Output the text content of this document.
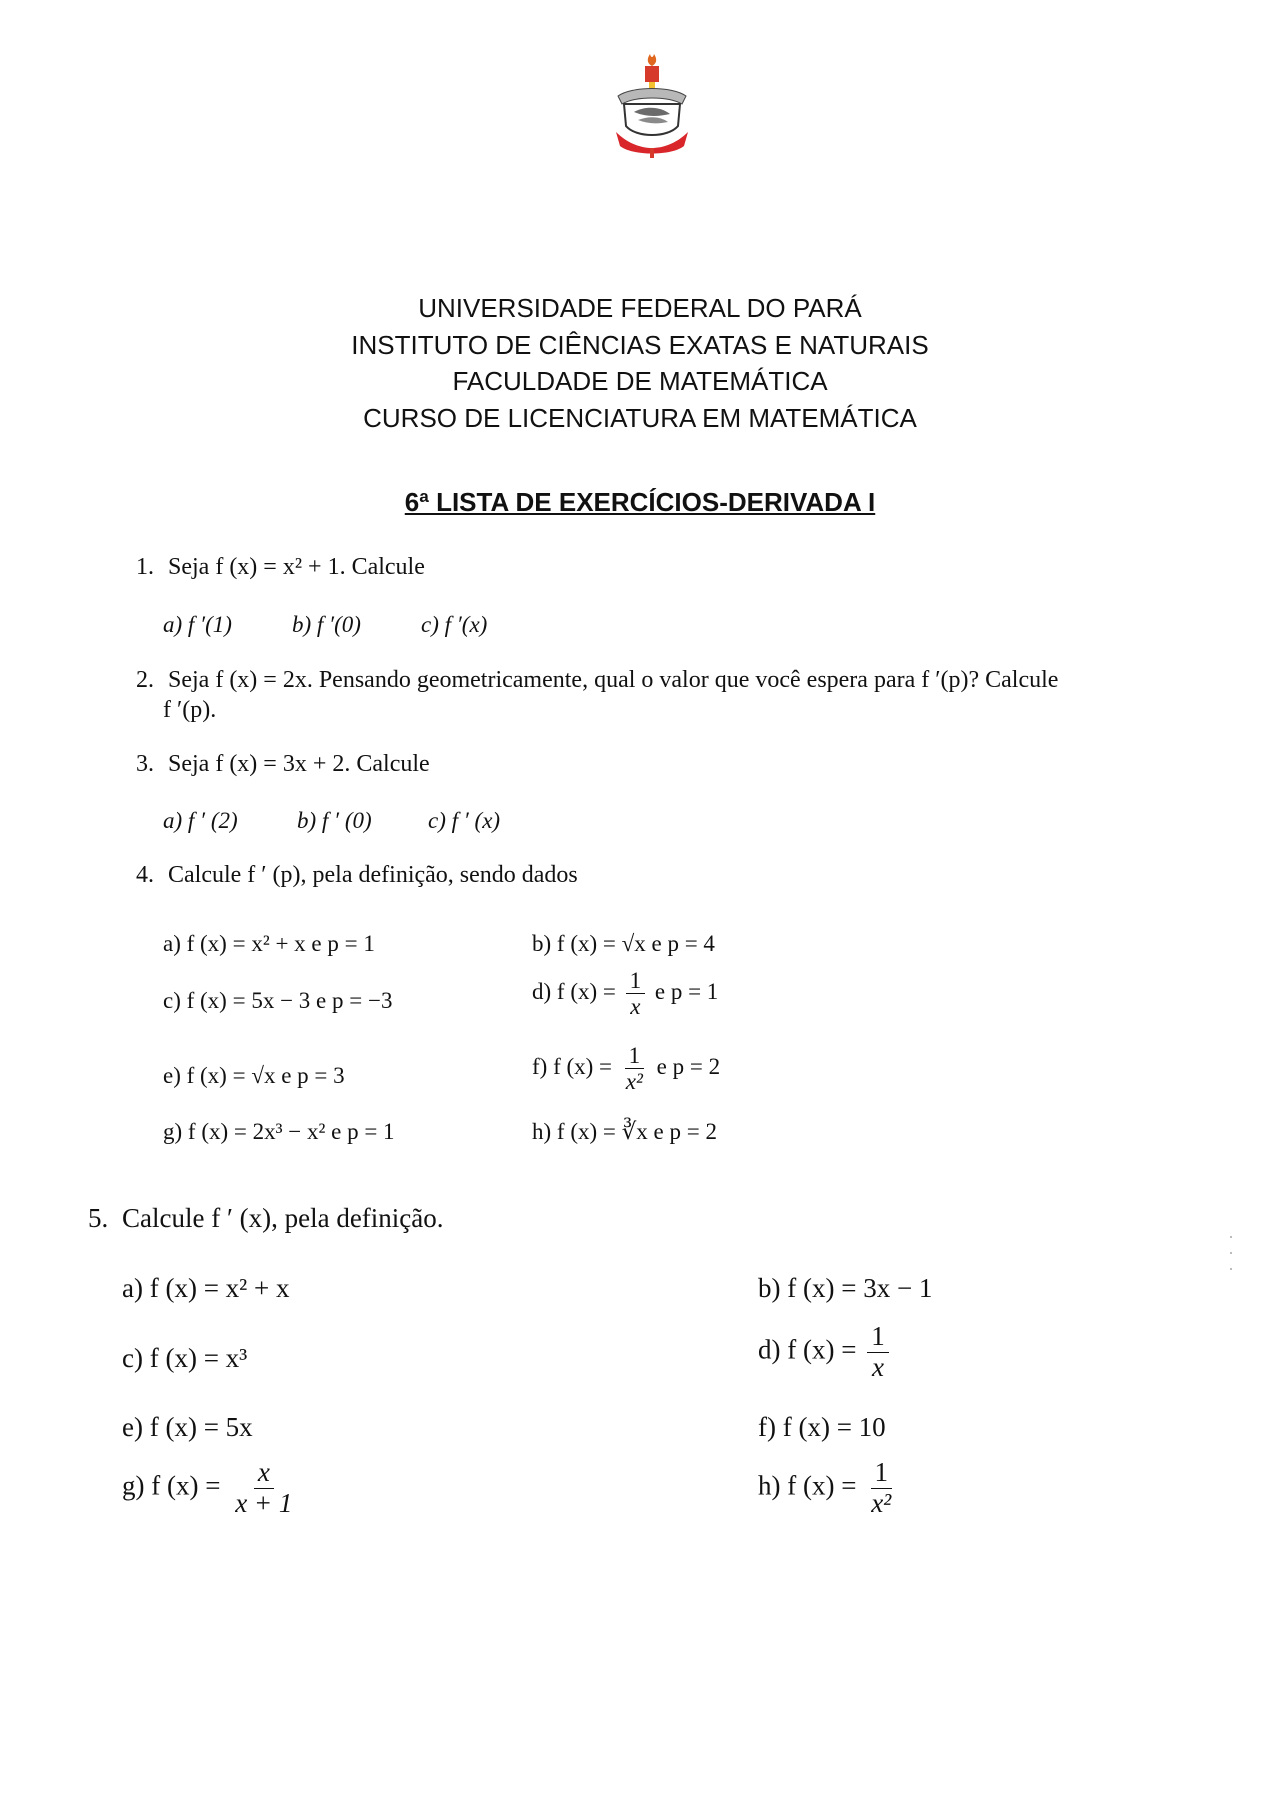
UNIVERSIDADE FEDERAL DO PARÁ
INSTITUTO DE CIÊNCIAS EXATAS E NATURAIS
FACULDADE DE MATEMÁTICA
CURSO DE LICENCIATURA EM MATEMÁTICA
6ª LISTA DE EXERCÍCIOS-DERIVADA I
1. Seja f (x) = x² + 1. Calcule
a) f ′(1)	b) f ′(0)	c) f ′(x)
2. Seja f (x) = 2x. Pensando geometricamente, qual o valor que você espera para f ′(p)? Calcule
f ′(p).
3. Seja f (x) = 3x + 2. Calcule
a) f ′ (2)	b) f ′ (0) c) f ′ (x)
4. Calcule f ′ (p), pela definição, sendo dados
a) f (x) = x² + x e p = 1	b) f (x) = √x e p = 4
c) f (x) = 5x − 3 e p = −3	d) f $(x) = \frac{1}{x}$ e p = 1
e) f (x) = √x e p = 3	f) f $(x) = \frac{1}{\text{x²}}$ e p = 2
g) f (x) = 2x³ − x² e p = 1	h) f (x) = ∛x e p = 2
5. Calcule f ′ (x), pela definição.
a) f (x) = x² + x	b) f (x) = 3x − 1
c) f (x) = x³	d) f $(x) = \frac{1}{x}$
e) f (x) = 5x	f) f (x) = 10
g) f $(x) = \frac{x}{x + 1}$	h) f $(x) = \frac{1}{\text{x²}}$
